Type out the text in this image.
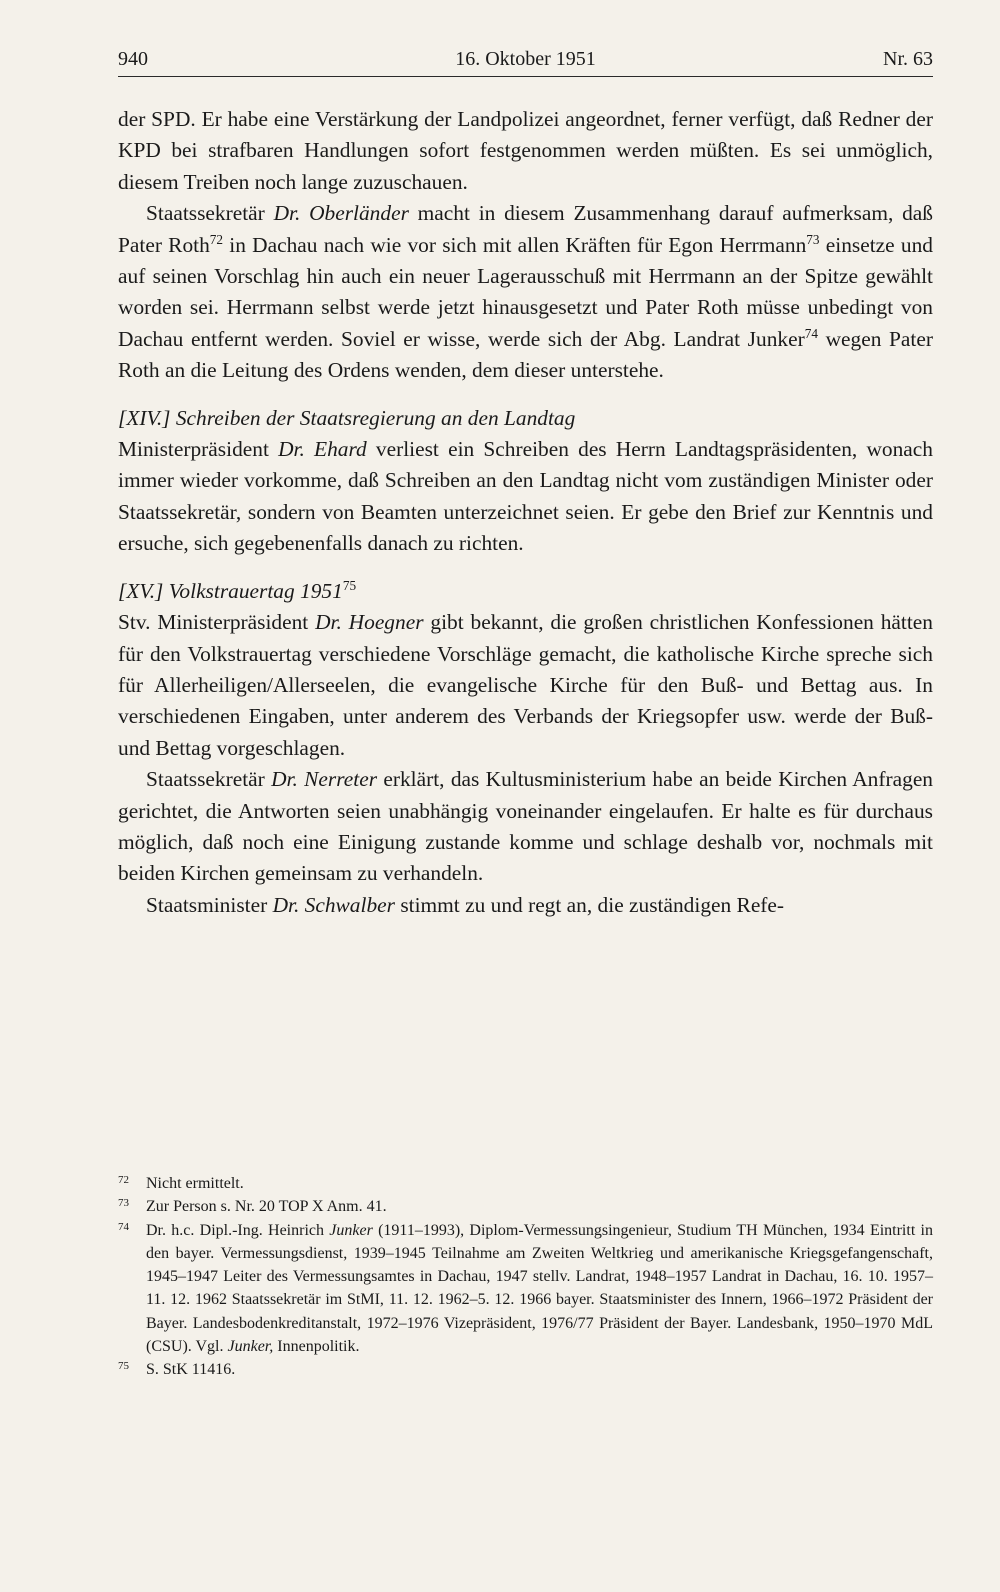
940	16. Oktober 1951	Nr. 63

der SPD. Er habe eine Verstärkung der Landpolizei angeordnet, ferner verfügt, daß Redner der KPD bei strafbaren Handlungen sofort festgenommen werden müßten. Es sei unmöglich, diesem Treiben noch lange zuzuschauen.

Staatssekretär Dr. Oberländer macht in diesem Zusammenhang darauf aufmerksam, daß Pater Roth$^{72}$ in Dachau nach wie vor sich mit allen Kräften für Egon Herrmann$^{73}$ einsetze und auf seinen Vorschlag hin auch ein neuer Lagerausschuß mit Herrmann an der Spitze gewählt worden sei. Herrmann selbst werde jetzt hinausgesetzt und Pater Roth müsse unbedingt von Dachau entfernt werden. Soviel er wisse, werde sich der Abg. Landrat Junker$^{74}$ wegen Pater Roth an die Leitung des Ordens wenden, dem dieser unterstehe.

[XIV.] Schreiben der Staatsregierung an den Landtag

Ministerpräsident Dr. Ehard verliest ein Schreiben des Herrn Landtagspräsidenten, wonach immer wieder vorkomme, daß Schreiben an den Landtag nicht vom zuständigen Minister oder Staatssekretär, sondern von Beamten unterzeichnet seien. Er gebe den Brief zur Kenntnis und ersuche, sich gegebenenfalls danach zu richten.

[XV.] Volkstrauertag 1951$^{75}$

Stv. Ministerpräsident Dr. Hoegner gibt bekannt, die großen christlichen Konfessionen hätten für den Volkstrauertag verschiedene Vorschläge gemacht, die katholische Kirche spreche sich für Allerheiligen/Allerseelen, die evangelische Kirche für den Buß- und Bettag aus. In verschiedenen Eingaben, unter anderem des Verbands der Kriegsopfer usw. werde der Buß- und Bettag vorgeschlagen.

Staatssekretär Dr. Nerreter erklärt, das Kultusministerium habe an beide Kirchen Anfragen gerichtet, die Antworten seien unabhängig voneinander eingelaufen. Er halte es für durchaus möglich, daß noch eine Einigung zustande komme und schlage deshalb vor, nochmals mit beiden Kirchen gemeinsam zu verhandeln.

Staatsminister Dr. Schwalber stimmt zu und regt an, die zuständigen Refe-

72 Nicht ermittelt.
73 Zur Person s. Nr. 20 TOP X Anm. 41.
74 Dr. h.c. Dipl.-Ing. Heinrich Junker (1911–1993), Diplom-Vermessungsingenieur, Studium TH München, 1934 Eintritt in den bayer. Vermessungsdienst, 1939–1945 Teilnahme am Zweiten Weltkrieg und amerikanische Kriegsgefangenschaft, 1945–1947 Leiter des Vermessungsamtes in Dachau, 1947 stellv. Landrat, 1948–1957 Landrat in Dachau, 16. 10. 1957–11. 12. 1962 Staatssekretär im StMI, 11. 12. 1962–5. 12. 1966 bayer. Staatsminister des Innern, 1966–1972 Präsident der Bayer. Landesbodenkreditanstalt, 1972–1976 Vizepräsident, 1976/77 Präsident der Bayer. Landesbank, 1950–1970 MdL (CSU). Vgl. Junker, Innenpolitik.
75 S. StK 11416.
